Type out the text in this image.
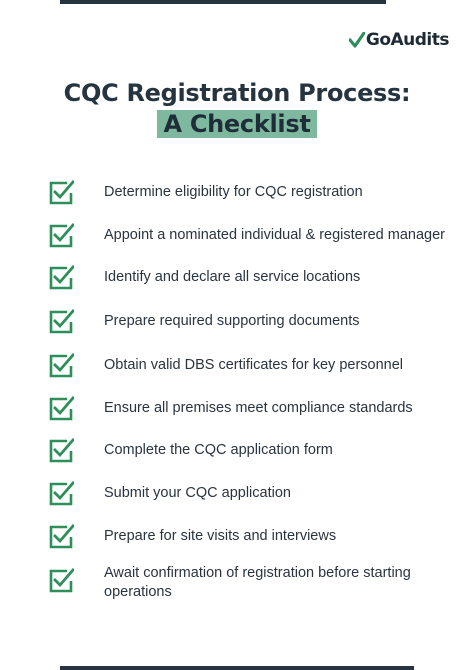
GoAudits
CQC Registration Process:
A Checklist
Determine eligibility for CQC registration
Appoint a nominated individual & registered manager
Identify and declare all service locations
Prepare required supporting documents
Obtain valid DBS certificates for key personnel
Ensure all premises meet compliance standards
Complete the CQC application form
Submit your CQC application
Prepare for site visits and interviews
Await confirmation of registration before starting operations
